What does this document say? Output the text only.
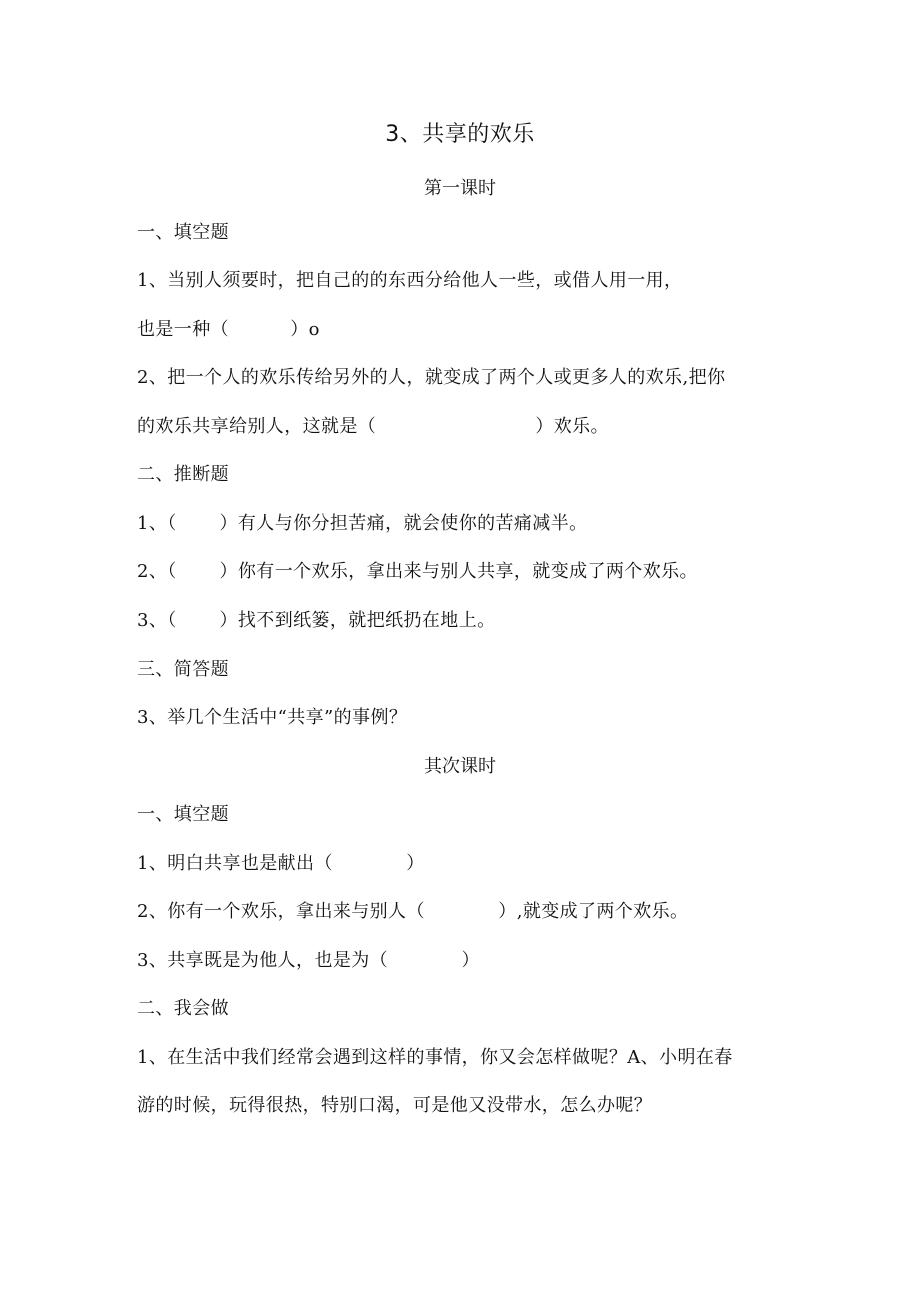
3、共享的欢乐
第一课时
一、填空题
1、当别人须要时，把自己的的东西分给他人一些，或借人用一用，
也是一种（          ）o
2、把一个人的欢乐传给另外的人，就变成了两个人或更多人的欢乐,把你
的欢乐共享给别人，这就是（                          ）欢乐。
二、推断题
1、（       ）有人与你分担苦痛，就会使你的苦痛减半。
2、（       ）你有一个欢乐，拿出来与别人共享，就变成了两个欢乐。
3、（       ）找不到纸篓，就把纸扔在地上。
三、简答题
3、举几个生活中“共享”的事例？
其次课时
一、填空题
1、明白共享也是献出（            ）
2、你有一个欢乐，拿出来与别人（            ）,就变成了两个欢乐。
3、共享既是为他人，也是为（            ）
二、我会做
1、在生活中我们经常会遇到这样的事情，你又会怎样做呢？A、小明在春
游的时候，玩得很热，特别口渴，可是他又没带水，怎么办呢？
